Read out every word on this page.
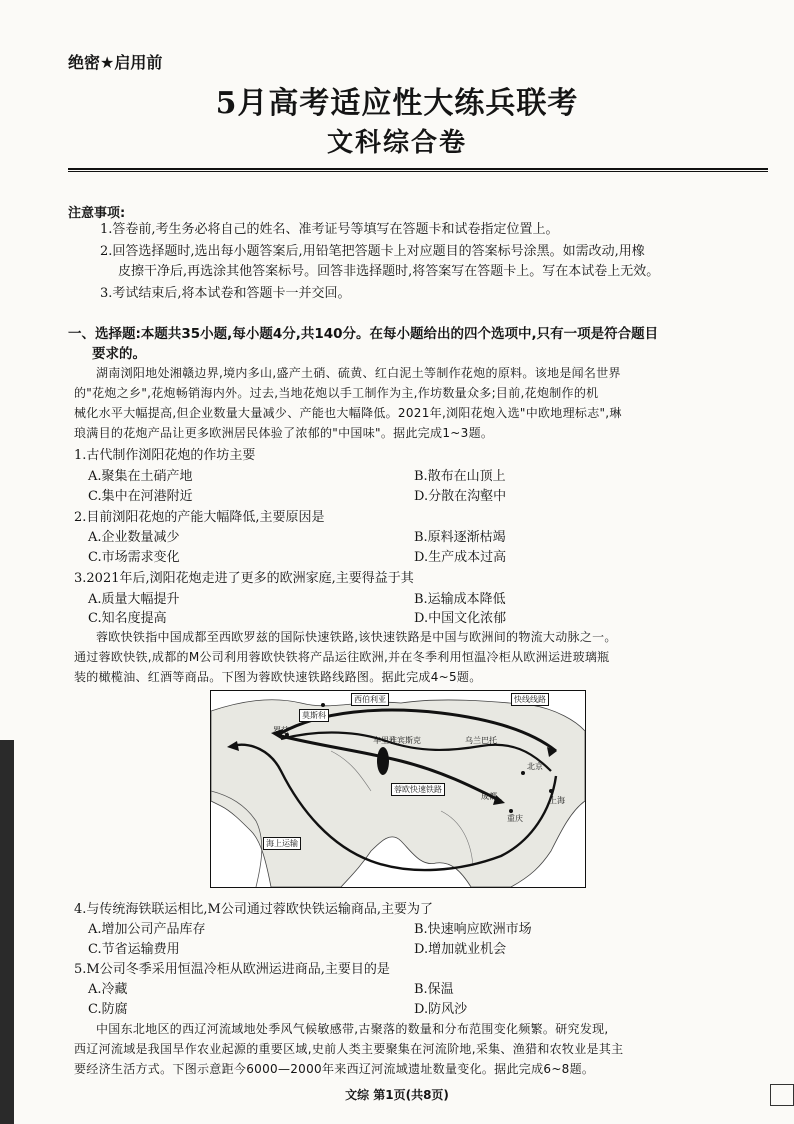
绝密★启用前
5月高考适应性大练兵联考
文科综合卷
注意事项:
1.答卷前,考生务必将自己的姓名、准考证号等填写在答题卡和试卷指定位置上。
2.回答选择题时,选出每小题答案后,用铅笔把答题卡上对应题目的答案标号涂黑。如需改动,用橡
皮擦干净后,再选涂其他答案标号。回答非选择题时,将答案写在答题卡上。写在本试卷上无效。
3.考试结束后,将本试卷和答题卡一并交回。
一、选择题:本题共35小题,每小题4分,共140分。在每小题给出的四个选项中,只有一项是符合题目
要求的。
湖南浏阳地处湘赣边界,境内多山,盛产土硝、硫黄、红白泥土等制作花炮的原料。该地是闻名世界
的"花炮之乡",花炮畅销海内外。过去,当地花炮以手工制作为主,作坊数量众多;目前,花炮制作的机
械化水平大幅提高,但企业数量大量减少、产能也大幅降低。2021年,浏阳花炮入选"中欧地理标志",琳
琅满目的花炮产品让更多欧洲居民体验了浓郁的"中国味"。据此完成1~3题。
1.古代制作浏阳花炮的作坊主要
A.聚集在土硝产地	B.散布在山顶上
C.集中在河港附近	D.分散在沟壑中
2.目前浏阳花炮的产能大幅降低,主要原因是
A.企业数量减少	B.原料逐渐枯竭
C.市场需求变化	D.生产成本过高
3.2021年后,浏阳花炮走进了更多的欧洲家庭,主要得益于其
A.质量大幅提升	B.运输成本降低
C.知名度提高	D.中国文化浓郁
蓉欧快铁指中国成都至西欧罗兹的国际快速铁路,该快速铁路是中国与欧洲间的物流大动脉之一。
通过蓉欧快铁,成都的M公司利用蓉欧快铁将产品运往欧洲,并在冬季利用恒温冷柜从欧洲运进玻璃瓶
装的橄榄油、红酒等商品。下图为蓉欧快速铁路线路图。据此完成4~5题。
西伯利亚	快线线路
莫斯科
罗兹
车里雅宾斯克	乌兰巴托
北京
蓉欧快速铁路
成都
重庆
上海
海上运输
4.与传统海铁联运相比,M公司通过蓉欧快铁运输商品,主要为了
A.增加公司产品库存	B.快速响应欧洲市场
C.节省运输费用	D.增加就业机会
5.M公司冬季采用恒温冷柜从欧洲运进商品,主要目的是
A.冷藏	B.保温
C.防腐	D.防风沙
中国东北地区的西辽河流域地处季风气候敏感带,古聚落的数量和分布范围变化频繁。研究发现,
西辽河流域是我国旱作农业起源的重要区域,史前人类主要聚集在河流阶地,采集、渔猎和农牧业是其主
要经济生活方式。下图示意距今6000—2000年来西辽河流域遗址数量变化。据此完成6~8题。
文综 第1页(共8页)
